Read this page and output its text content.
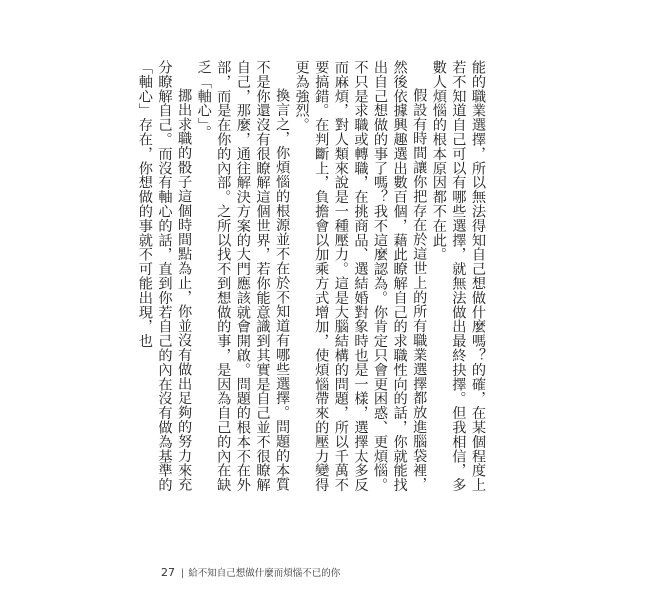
能的職業選擇，所以無法得知自己想做什麼嗎？的確，在某個程度上若不知道自己可以有哪些選擇，就無法做出最終抉擇。但我相信，多數人煩惱的根本原因都不在此。

假設有時間讓你把存在於這世上的所有職業選擇都放進腦袋裡，然後依據興趣選出數百個，藉此瞭解自己的求職性向的話，你就能找出自己想做的事了嗎？我不這麼認為。你肯定只會更困惑、更煩惱。不只是求職或轉職，在挑商品、選結婚對象時也是一樣，選擇太多反而麻煩，對人類來說是一種壓力。這是大腦結構的問題，所以千萬不要搞錯。在判斷上，負擔會以加乘方式增加，使煩惱帶來的壓力變得更為強烈。

換言之，你煩惱的根源並不在於不知道有哪些選擇。問題的本質不是你還沒有很瞭解這個世界，若你能意識到其實是自己並不很瞭解自己，那麼，通往解決方案的大門應該就會開啟。問題的根本不在外部，而是在你的內部。之所以找不到想做的事，是因為自己的內在缺乏「軸心」。

挪出求職的骰子這個時間點為止，你並沒有做出足夠的努力來充分瞭解自己。而沒有軸心的話，直到你若自己的內在沒有做為基準的「軸心」存在，你想做的事就不可能出現，也

27 | 給不知自己想做什麼而煩惱不已的你
